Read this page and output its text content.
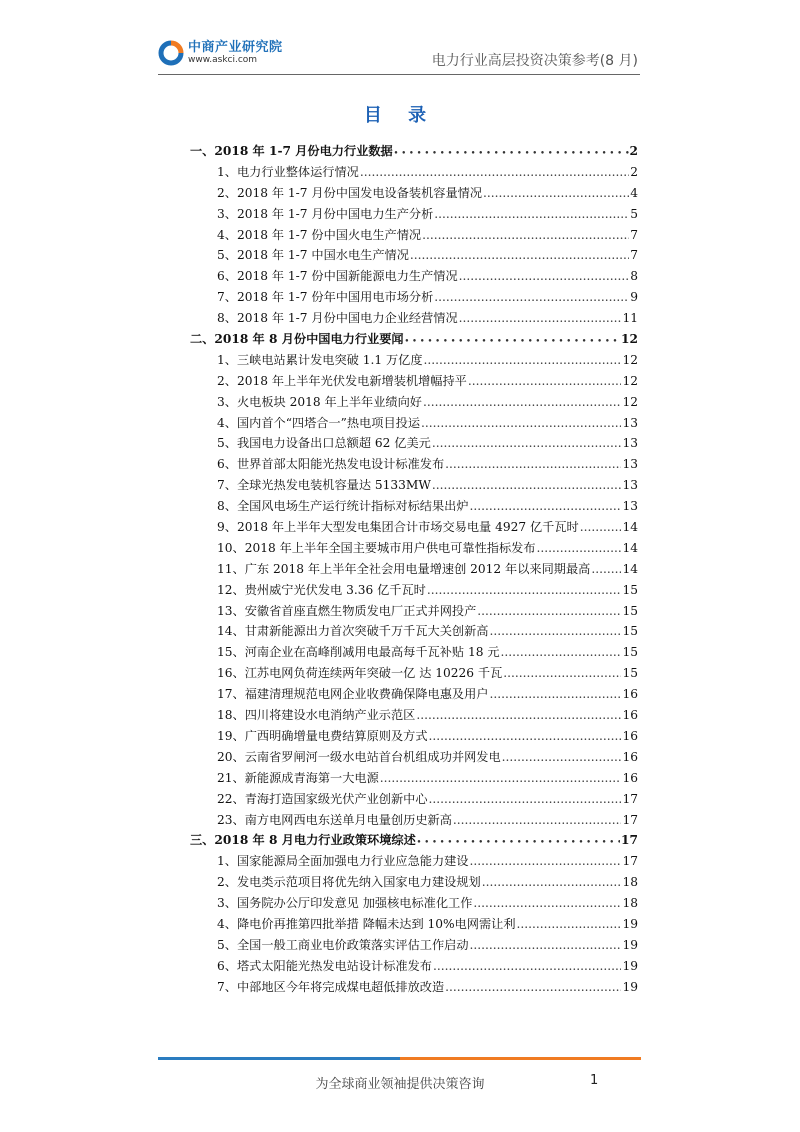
中商产业研究院
www.askci.com	电力行业高层投资决策参考(8 月)
目 录
一、2018 年 1-7 月份电力行业数据 • • •	2
1、电力行业整体运行情况 .....	2
2、2018 年 1-7 月份中国发电设备装机容量情况 .....	4
3、2018 年 1-7 月份中国电力生产分析 .....	5
4、2018 年 1-7 份中国火电生产情况 .....	7
5、2018 年 1-7 中国水电生产情况 .....	7
6、2018 年 1-7 份中国新能源电力生产情况 .....	8
7、2018 年 1-7 份年中国用电市场分析 .....	9
8、2018 年 1-7 月份中国电力企业经营情况 .....	11
二、2018 年 8 月份中国电力行业要闻 • • •	12
1、三峡电站累计发电突破 1.1 万亿度 .....	12
2、2018 年上半年光伏发电新增装机增幅持平 .....	12
3、火电板块 2018 年上半年业绩向好 .....	12
4、国内首个“四塔合一”热电项目投运 .....	13
5、我国电力设备出口总额超 62 亿美元 .....	13
6、世界首部太阳能光热发电设计标准发布 .....	13
7、全球光热发电装机容量达 5133MW .....	13
8、全国风电场生产运行统计指标对标结果出炉 .....	13
9、2018 年上半年大型发电集团合计市场交易电量 4927 亿千瓦时 .....	14
10、2018 年上半年全国主要城市用户供电可靠性指标发布 .....	14
11、广东 2018 年上半年全社会用电量增速创 2012 年以来同期最高 .....	14
12、贵州威宁光伏发电 3.36 亿千瓦时 .....	15
13、安徽省首座直燃生物质发电厂正式并网投产 .....	15
14、甘肃新能源出力首次突破千万千瓦大关创新高 .....	15
15、河南企业在高峰削减用电最高每千瓦补贴 18 元 .....	15
16、江苏电网负荷连续两年突破一亿 达 10226 千瓦 .....	15
17、福建清理规范电网企业收费确保降电惠及用户 .....	16
18、四川将建设水电消纳产业示范区 .....	16
19、广西明确增量电费结算原则及方式 .....	16
20、云南省罗闸河一级水电站首台机组成功并网发电 .....	16
21、新能源成青海第一大电源 .....	16
22、青海打造国家级光伏产业创新中心 .....	17
23、南方电网西电东送单月电量创历史新高 .....	17
三、2018 年 8 月电力行业政策环境综述 • • •	17
1、国家能源局全面加强电力行业应急能力建设 .....	17
2、发电类示范项目将优先纳入国家电力建设规划 .....	18
3、国务院办公厅印发意见 加强核电标准化工作 .....	18
4、降电价再推第四批举措 降幅未达到 10%电网需让利 .....	19
5、全国一般工商业电价政策落实评估工作启动 .....	19
6、塔式太阳能光热发电站设计标准发布 .....	19
7、中部地区今年将完成煤电超低排放改造 .....	19
为全球商业领袖提供决策咨询	1
